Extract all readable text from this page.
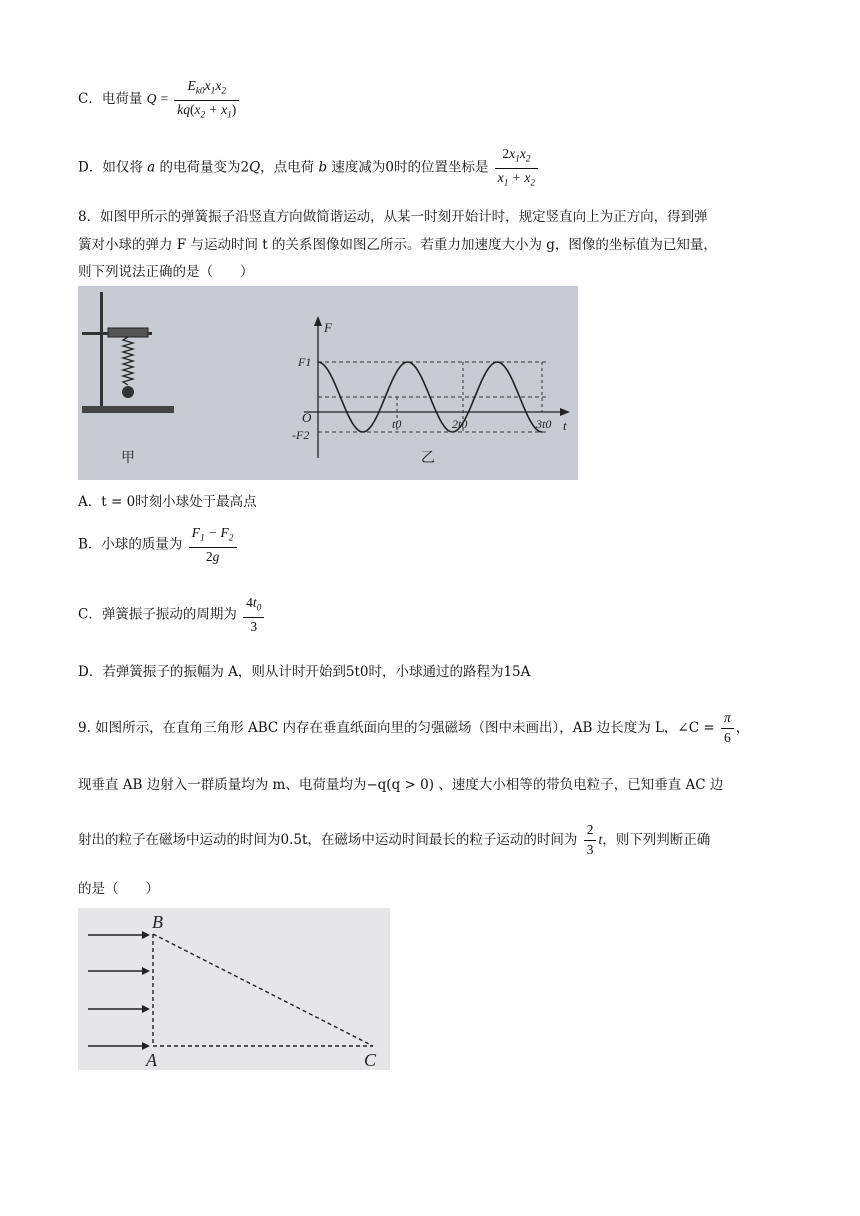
C．电荷量 $Q = \frac{E_{k0}x_1x_2}{kq(x_2 + x_1)}$
D．如仅将 a 的电荷量变为2Q，点电荷 b 速度减为0时的位置坐标是 $\frac{2x_1x_2}{x_1 + x_2}$
8．如图甲所示的弹簧振子沿竖直方向做简谐运动，从某一时刻开始计时，规定竖直向上为正方向，得到弹
簧对小球的弹力 F 与运动时间 t 的关系图像如图乙所示。若重力加速度大小为 g，图像的坐标值为已知量，
则下列说法正确的是（　　）
甲
F
t
O
F1
-F2
t0	2t0	3t0
乙
A．t = 0时刻小球处于最高点
B．小球的质量为 $\frac{F_1 - F_2}{2g}$
C．弹簧振子振动的周期为 $\frac{4t_0}{3}$
D．若弹簧振子的振幅为 A，则从计时开始到5t0时，小球通过的路程为15A
9. 如图所示，在直角三角形 ABC 内存在垂直纸面向里的匀强磁场（图中未画出），AB 边长度为 L，∠C = $\frac{\pi}{6}$ ，
现垂直 AB 边射入一群质量均为 m、电荷量均为−q(q > 0) 、速度大小相等的带负电粒子，已知垂直 AC 边
射出的粒子在磁场中运动的时间为0.5t，在磁场中运动时间最长的粒子运动的时间为 $\frac{2}{3}$ t，则下列判断正确
的是（　　）
B
A	C
